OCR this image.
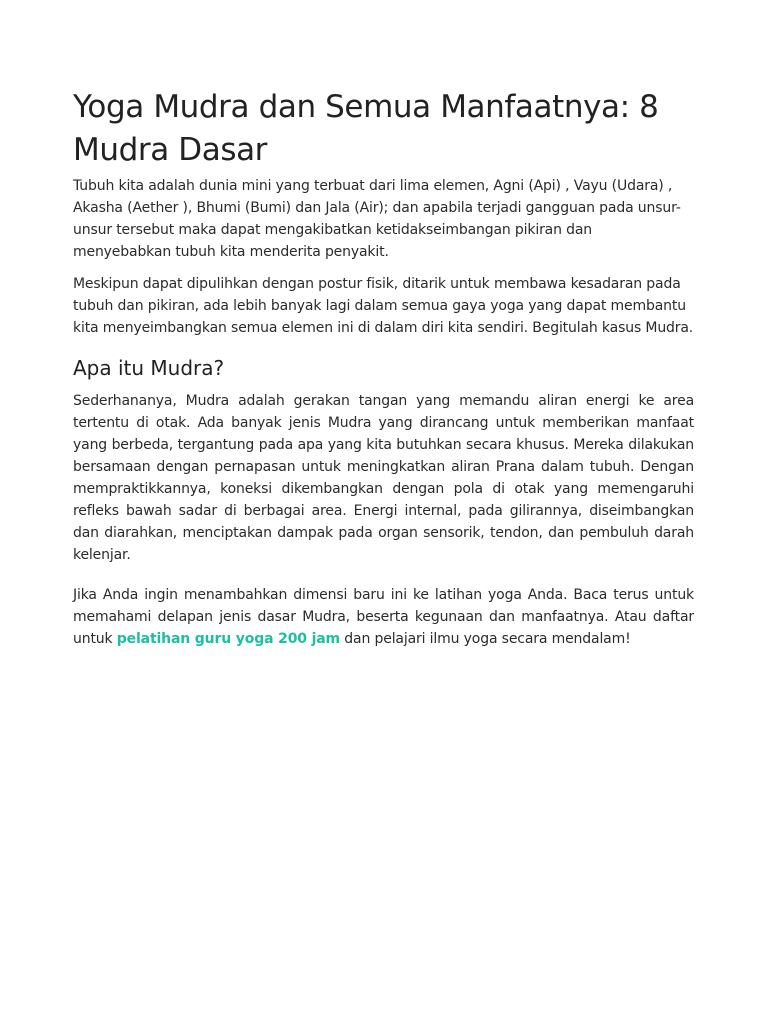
Yoga Mudra dan Semua Manfaatnya: 8 Mudra Dasar

Tubuh kita adalah dunia mini yang terbuat dari lima elemen, Agni (Api) , Vayu (Udara) , Akasha (Aether ), Bhumi (Bumi) dan Jala (Air); dan apabila terjadi gangguan pada unsur-unsur tersebut maka dapat mengakibatkan ketidakseimbangan pikiran dan menyebabkan tubuh kita menderita penyakit.

Meskipun dapat dipulihkan dengan postur fisik, ditarik untuk membawa kesadaran pada tubuh dan pikiran, ada lebih banyak lagi dalam semua gaya yoga yang dapat membantu kita menyeimbangkan semua elemen ini di dalam diri kita sendiri. Begitulah kasus Mudra.

Apa itu Mudra?

Sederhananya, Mudra adalah gerakan tangan yang memandu aliran energi ke area tertentu di otak. Ada banyak jenis Mudra yang dirancang untuk memberikan manfaat yang berbeda, tergantung pada apa yang kita butuhkan secara khusus. Mereka dilakukan bersamaan dengan pernapasan untuk meningkatkan aliran Prana dalam tubuh. Dengan mempraktikkannya, koneksi dikembangkan dengan pola di otak yang memengaruhi refleks bawah sadar di berbagai area. Energi internal, pada gilirannya, diseimbangkan dan diarahkan, menciptakan dampak pada organ sensorik, tendon, dan pembuluh darah kelenjar.

Jika Anda ingin menambahkan dimensi baru ini ke latihan yoga Anda. Baca terus untuk memahami delapan jenis dasar Mudra, beserta kegunaan dan manfaatnya. Atau daftar untuk pelatihan guru yoga 200 jam dan pelajari ilmu yoga secara mendalam!
